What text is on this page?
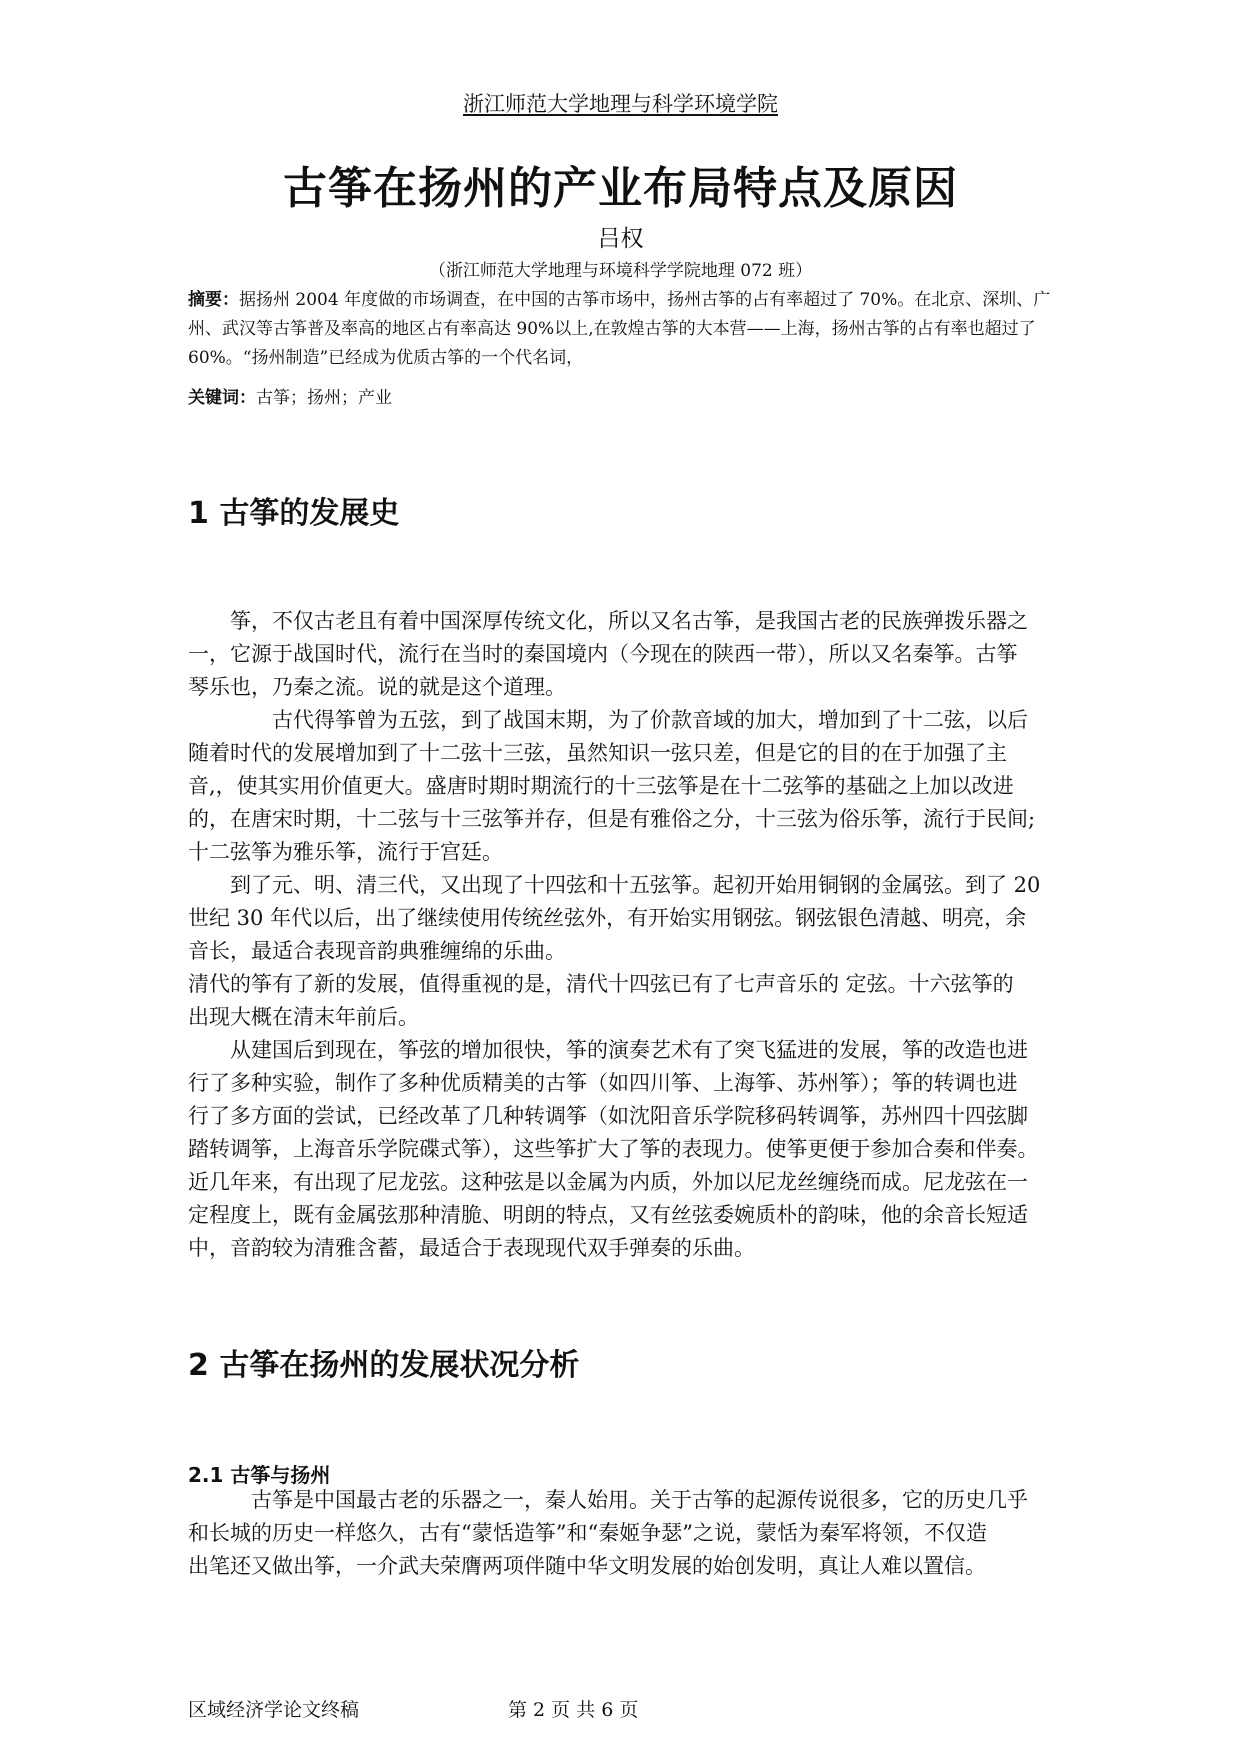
浙江师范大学地理与科学环境学院
古筝在扬州的产业布局特点及原因
吕权
（浙江师范大学地理与环境科学学院地理 072 班）
摘要：据扬州 2004 年度做的市场调查，在中国的古筝市场中，扬州古筝的占有率超过了 70%。在北京、深圳、广州、武汉等古筝普及率高的地区占有率高达 90%以上,在敦煌古筝的大本营——上海，扬州古筝的占有率也超过了 60%。“扬州制造”已经成为优质古筝的一个代名词，
关键词：古筝；扬州；产业
1 古筝的发展史
　　筝，不仅古老且有着中国深厚传统文化，所以又名古筝，是我国古老的民族弹拨乐器之
一，它源于战国时代，流行在当时的秦国境内（今现在的陕西一带），所以又名秦筝。古筝
琴乐也，乃秦之流。说的就是这个道理。
　　　　古代得筝曾为五弦，到了战国末期，为了价款音域的加大，增加到了十二弦，以后
随着时代的发展增加到了十二弦十三弦，虽然知识一弦只差，但是它的目的在于加强了主
音,，使其实用价值更大。盛唐时期时期流行的十三弦筝是在十二弦筝的基础之上加以改进
的，在唐宋时期，十二弦与十三弦筝并存，但是有雅俗之分，十三弦为俗乐筝，流行于民间;
十二弦筝为雅乐筝，流行于宫廷。
　　到了元、明、清三代，又出现了十四弦和十五弦筝。起初开始用铜钢的金属弦。到了 20
世纪 30 年代以后，出了继续使用传统丝弦外，有开始实用钢弦。钢弦银色清越、明亮，余
音长，最适合表现音韵典雅缠绵的乐曲。
清代的筝有了新的发展，值得重视的是，清代十四弦已有了七声音乐的 定弦。十六弦筝的
出现大概在清末年前后。
　　从建国后到现在，筝弦的增加很快，筝的演奏艺术有了突飞猛进的发展，筝的改造也进
行了多种实验，制作了多种优质精美的古筝（如四川筝、上海筝、苏州筝）；筝的转调也进
行了多方面的尝试，已经改革了几种转调筝（如沈阳音乐学院移码转调筝，苏州四十四弦脚
踏转调筝，上海音乐学院碟式筝），这些筝扩大了筝的表现力。使筝更便于参加合奏和伴奏。
近几年来，有出现了尼龙弦。这种弦是以金属为内质，外加以尼龙丝缠绕而成。尼龙弦在一
定程度上，既有金属弦那种清脆、明朗的特点，又有丝弦委婉质朴的韵味，他的余音长短适
中，音韵较为清雅含蓄，最适合于表现现代双手弹奏的乐曲。
2 古筝在扬州的发展状况分析
2.1 古筝与扬州
　　　古筝是中国最古老的乐器之一，秦人始用。关于古筝的起源传说很多，它的历史几乎
和长城的历史一样悠久，古有“蒙恬造筝”和“秦姬争瑟”之说，蒙恬为秦军将领，不仅造
出笔还又做出筝，一介武夫荣膺两项伴随中华文明发展的始创发明，真让人难以置信。
区域经济学论文终稿	第 2 页 共 6 页
